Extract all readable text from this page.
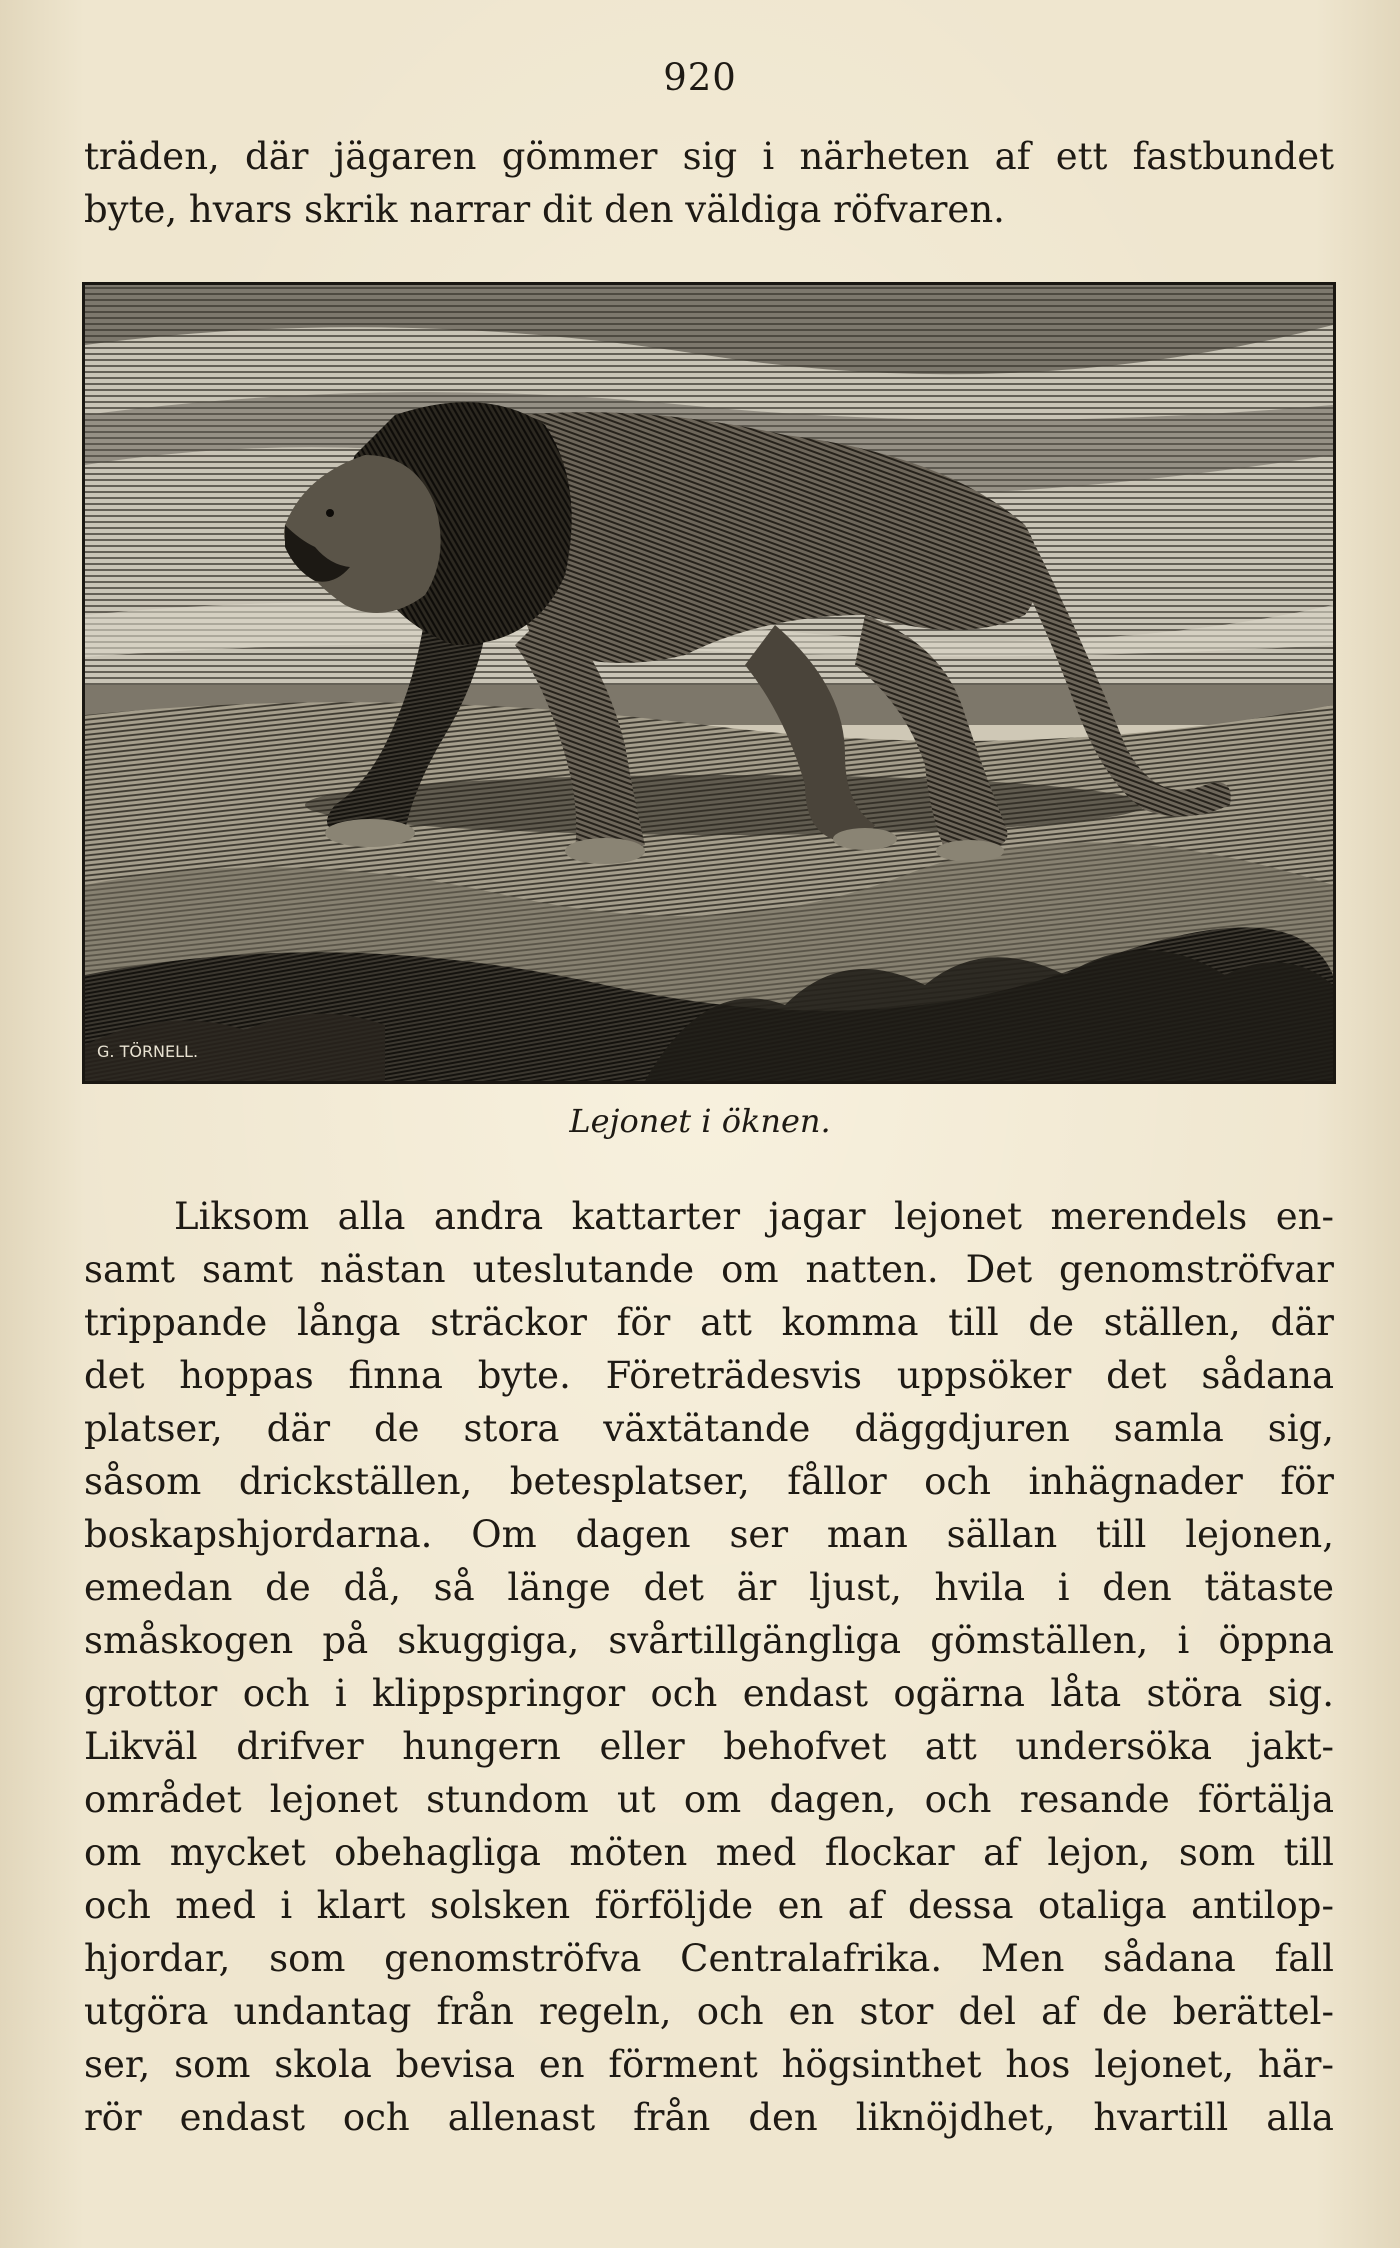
920
träden, där jägaren gömmer sig i närheten af ett fastbundet
byte, hvars skrik narrar dit den väldiga röfvaren.
G. TÖRNELL.
Lejonet i öknen.
Liksom alla andra kattarter jagar lejonet merendels en-
samt samt nästan uteslutande om natten. Det genomströfvar
trippande långa sträckor för att komma till de ställen, där
det hoppas finna byte. Företrädesvis uppsöker det sådana
platser, där de stora växtätande däggdjuren samla sig,
såsom drickställen, betesplatser, fållor och inhägnader för
boskapshjordarna. Om dagen ser man sällan till lejonen,
emedan de då, så länge det är ljust, hvila i den tätaste
småskogen på skuggiga, svårtillgängliga gömställen, i öppna
grottor och i klippspringor och endast ogärna låta störa sig.
Likväl drifver hungern eller behofvet att undersöka jakt-
området lejonet stundom ut om dagen, och resande förtälja
om mycket obehagliga möten med flockar af lejon, som till
och med i klart solsken förföljde en af dessa otaliga antilop-
hjordar, som genomströfva Centralafrika. Men sådana fall
utgöra undantag från regeln, och en stor del af de berättel-
ser, som skola bevisa en förment högsinthet hos lejonet, här-
rör endast och allenast från den liknöjdhet, hvartill alla
